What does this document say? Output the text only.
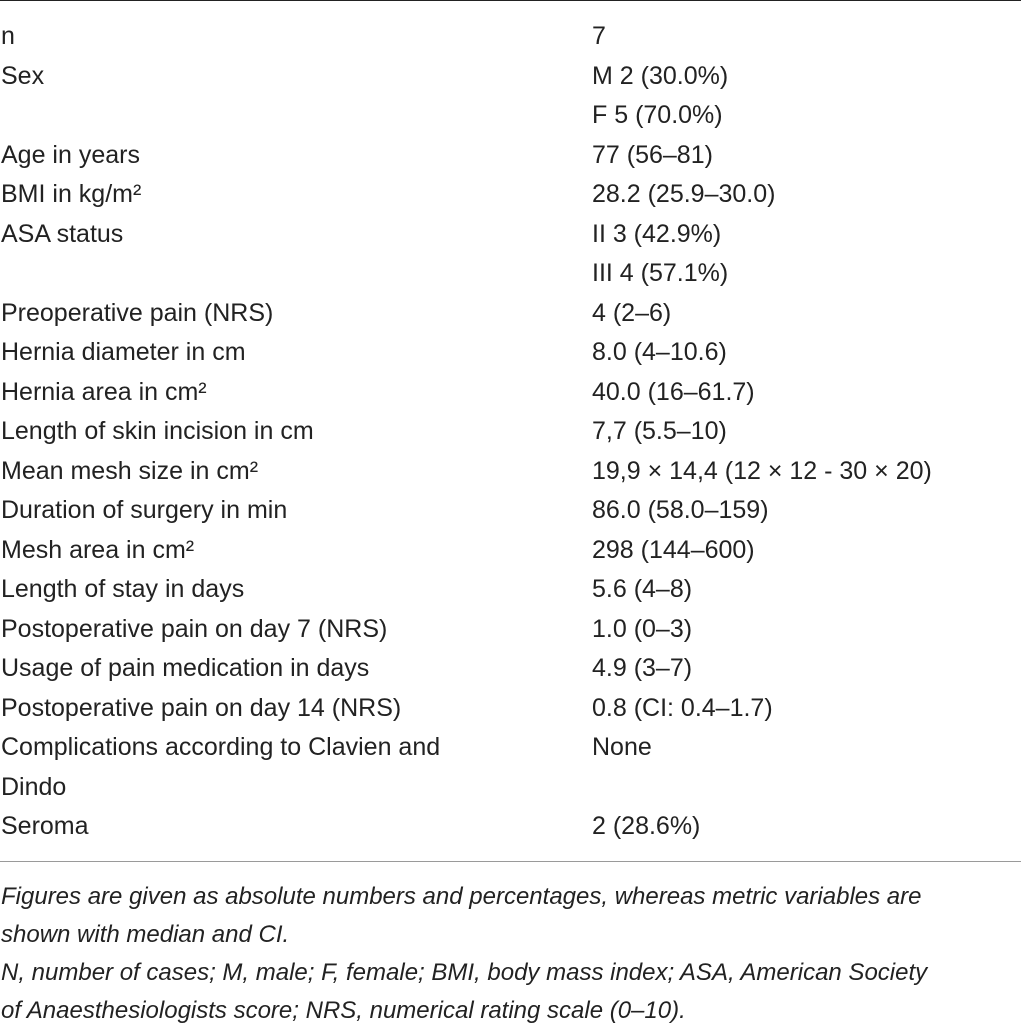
n	7
Sex	M 2 (30.0%)
F 5 (70.0%)
Age in years	77 (56–81)
BMI in kg/m²	28.2 (25.9–30.0)
ASA status	II 3 (42.9%)
III 4 (57.1%)
Preoperative pain (NRS)	4 (2–6)
Hernia diameter in cm	8.0 (4–10.6)
Hernia area in cm²	40.0 (16–61.7)
Length of skin incision in cm	7,7 (5.5–10)
Mean mesh size in cm²	19,9 × 14,4 (12 × 12 - 30 × 20)
Duration of surgery in min	86.0 (58.0–159)
Mesh area in cm²	298 (144–600)
Length of stay in days	5.6 (4–8)
Postoperative pain on day 7 (NRS)	1.0 (0–3)
Usage of pain medication in days	4.9 (3–7)
Postoperative pain on day 14 (NRS)	0.8 (CI: 0.4–1.7)
Complications according to Clavien and	None
Dindo
Seroma	2 (28.6%)
Figures are given as absolute numbers and percentages, whereas metric variables are
shown with median and CI.
N, number of cases; M, male; F, female; BMI, body mass index; ASA, American Society
of Anaesthesiologists score; NRS, numerical rating scale (0–10).
